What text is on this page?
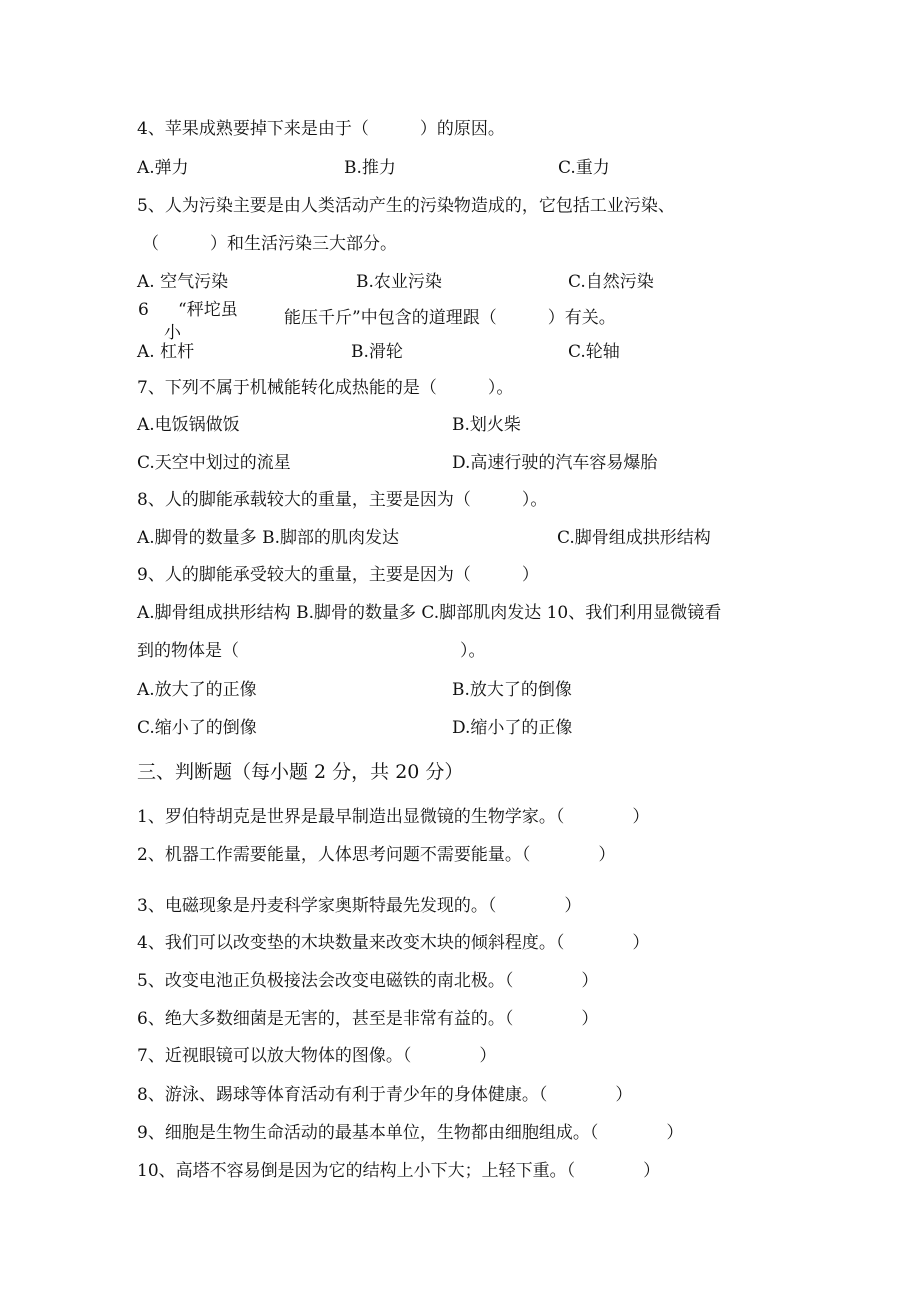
4、苹果成熟要掉下来是由于（　　　）的原因。
A.弹力	B.推力	C.重力
5、人为污染主要是由人类活动产生的污染物造成的，它包括工业污染、
（　　　）和生活污染三大部分。
A. 空气污染	B.农业污染	C.自然污染
6 “秤坨虽
小
能压千斤”中包含的道理跟（　　　）有关。
A. 杠杆	B.滑轮	C.轮轴
7、下列不属于机械能转化成热能的是（　　　）。
A.电饭锅做饭	B.划火柴
C.天空中划过的流星	D.高速行驶的汽车容易爆胎
8、人的脚能承载较大的重量，主要是因为（　　　）。
A.脚骨的数量多 B.脚部的肌肉发达	C.脚骨组成拱形结构
9、人的脚能承受较大的重量，主要是因为（　　　）
A.脚骨组成拱形结构 B.脚骨的数量多 C.脚部肌肉发达 10、我们利用显微镜看
到的物体是（　　　　　　　　　　　　　）。
A.放大了的正像	B.放大了的倒像
C.缩小了的倒像	D.缩小了的正像
三、判断题（每小题 2 分，共 20 分）
1、罗伯特胡克是世界是最早制造出显微镜的生物学家。（　　　　）
2、机器工作需要能量，人体思考问题不需要能量。（　　　　）
3、电磁现象是丹麦科学家奥斯特最先发现的。（　　　　）
4、我们可以改变垫的木块数量来改变木块的倾斜程度。（　　　　）
5、改变电池正负极接法会改变电磁铁的南北极。（　　　　）
6、绝大多数细菌是无害的，甚至是非常有益的。（　　　　）
7、近视眼镜可以放大物体的图像。（　　　　）
8、游泳、踢球等体育活动有利于青少年的身体健康。（　　　　）
9、细胞是生物生命活动的最基本单位，生物都由细胞组成。（　　　　）
10、高塔不容易倒是因为它的结构上小下大；上轻下重。（　　　　）
